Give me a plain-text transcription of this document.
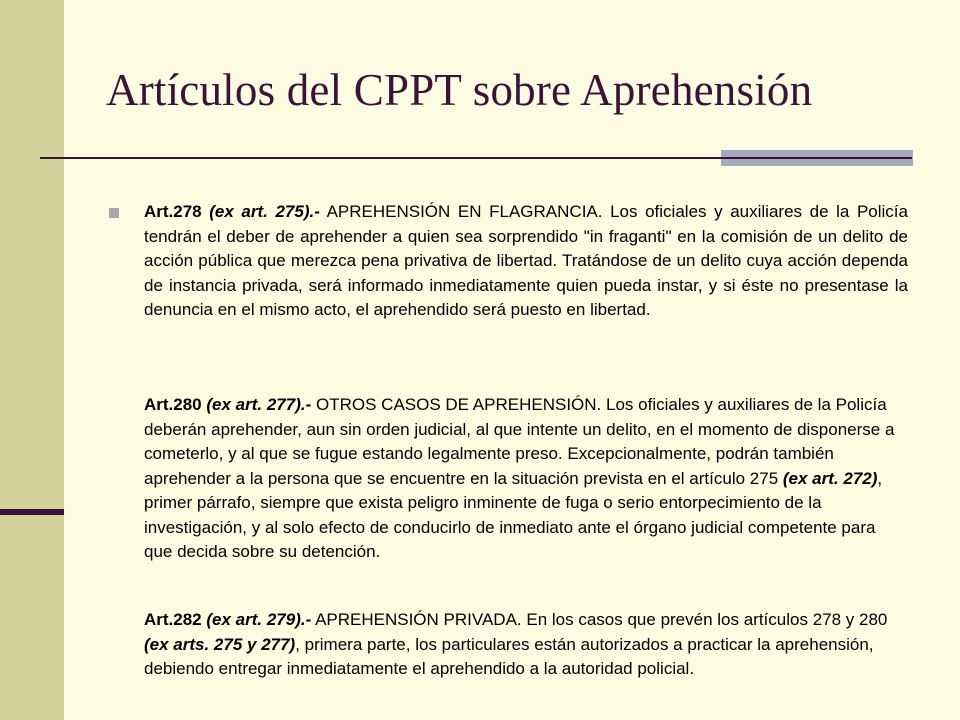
Artículos del CPPT sobre Aprehensión

Art.278 (ex art. 275).- APREHENSIÓN EN FLAGRANCIA. Los oficiales y auxiliares de la Policía tendrán el deber de aprehender a quien sea sorprendido "in fraganti" en la comisión de un delito de acción pública que merezca pena privativa de libertad. Tratándose de un delito cuya acción dependa de instancia privada, será informado inmediatamente quien pueda instar, y si éste no presentase la denuncia en el mismo acto, el aprehendido será puesto en libertad.

Art.280 (ex art. 277).- OTROS CASOS DE APREHENSIÓN. Los oficiales y auxiliares de la Policía deberán aprehender, aun sin orden judicial, al que intente un delito, en el momento de disponerse a cometerlo, y al que se fugue estando legalmente preso. Excepcionalmente, podrán también aprehender a la persona que se encuentre en la situación prevista en el artículo 275 (ex art. 272), primer párrafo, siempre que exista peligro inminente de fuga o serio entorpecimiento de la investigación, y al solo efecto de conducirlo de inmediato ante el órgano judicial competente para que decida sobre su detención.

Art.282 (ex art. 279).- APREHENSIÓN PRIVADA. En los casos que prevén los artículos 278 y 280 (ex arts. 275 y 277), primera parte, los particulares están autorizados a practicar la aprehensión, debiendo entregar inmediatamente el aprehendido a la autoridad policial.
